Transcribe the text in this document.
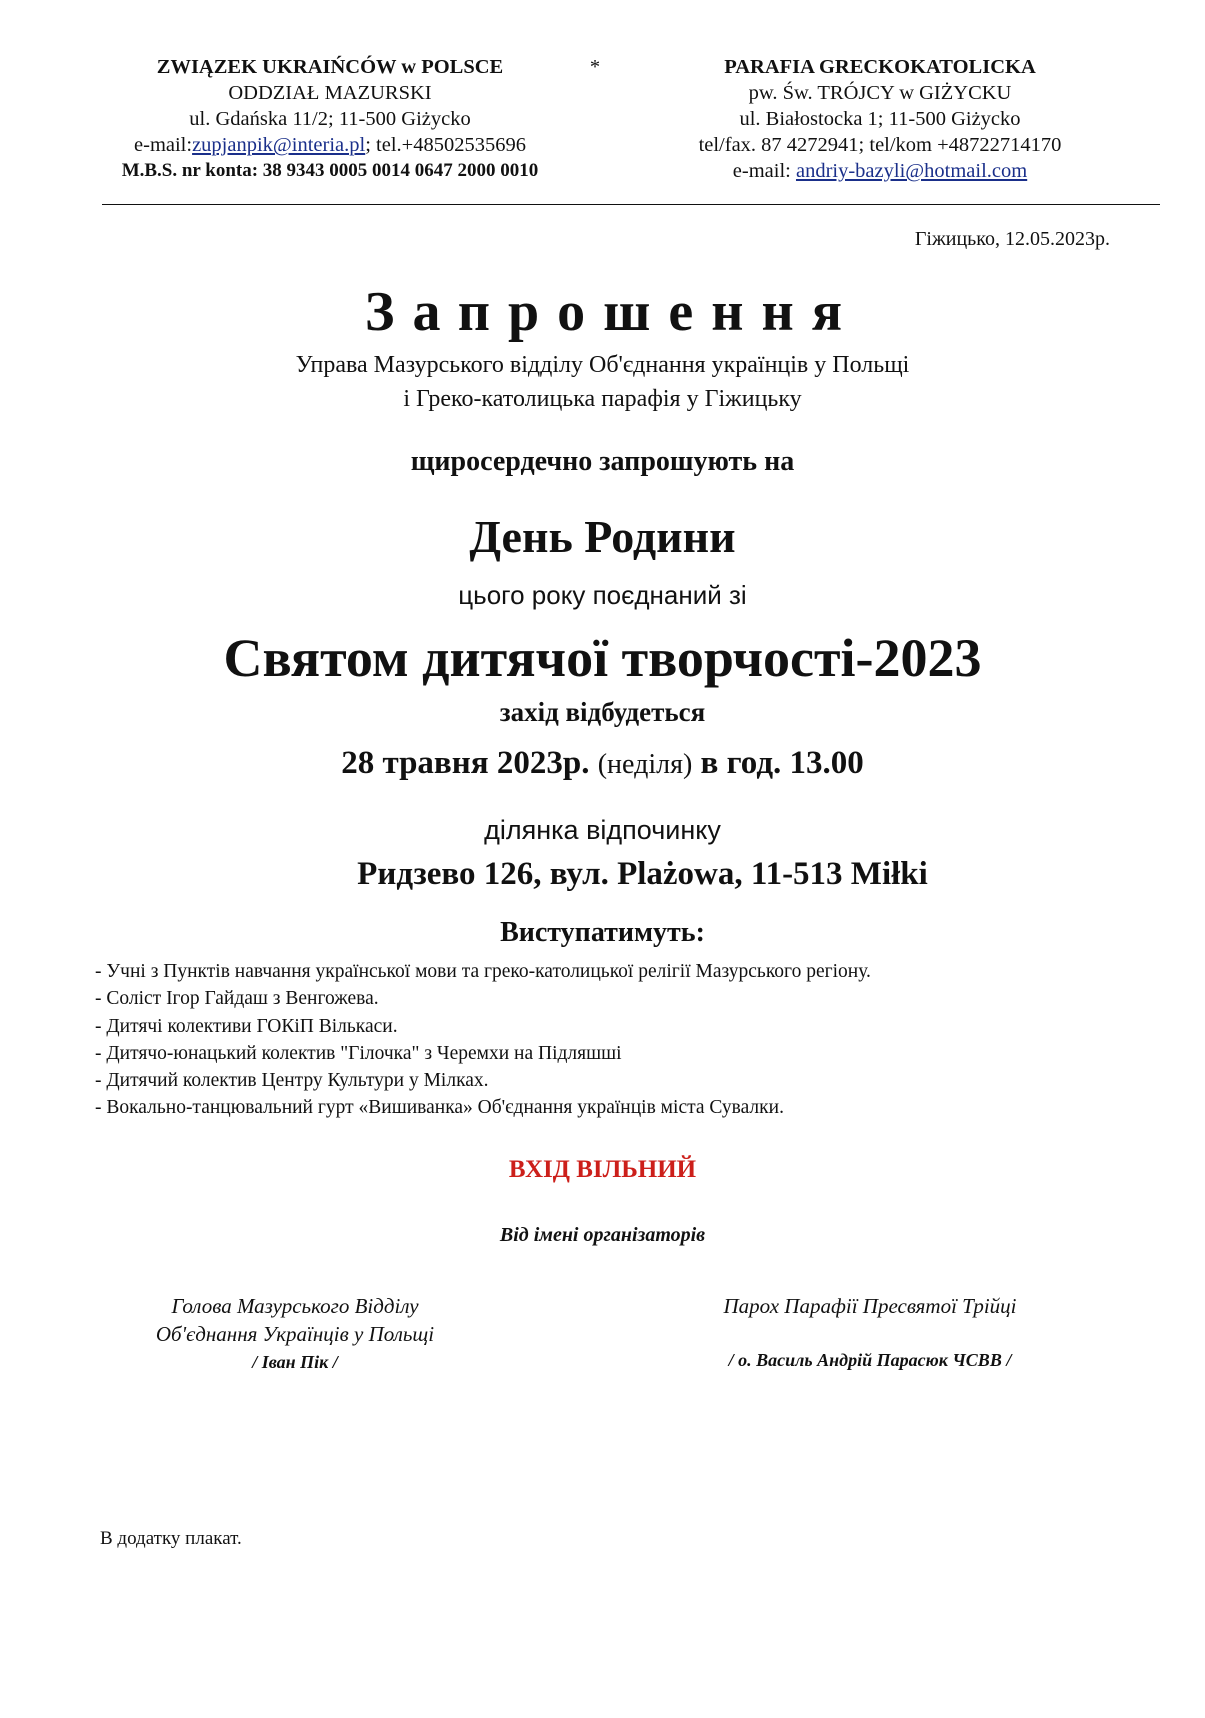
ZWIĄZEK UKRAIŃCÓW w POLSCE
ODDZIAŁ MAZURSKI
ul. Gdańska 11/2; 11-500 Giżycko
e-mail:zupjanpik@interia.pl; tel.+48502535696
M.B.S. nr konta: 38 9343 0005 0014 0647 2000 0010
*	PARAFIA GRECKOKATOLICKA
pw. Św. TRÓJCY w GIŻYCKU
ul. Białostocka 1; 11-500 Giżycko
tel/fax. 87 4272941; tel/kom +48722714170
e-mail: andriy-bazyli@hotmail.com
Гіжицько, 12.05.2023р.
Запрошення
Управа Мазурського відділу Об'єднання українців у Польщі
і Греко-католицька парафія у Гіжицьку
щиросердечно запрошують на
День Родини
цього року поєднаний зі
Святом дитячої творчості-2023
захід відбудеться
28 травня 2023р. (неділя) в год. 13.00
ділянка відпочинку
Ридзево 126, вул. Plażowa, 11-513 Miłki
Виступатимуть:
- Учні з Пунктів навчання української мови та греко-католицької релігії Мазурського регіону.
- Соліст Ігор Гайдаш з Венгожева.
- Дитячі колективи ГОКіП Вількаси.
- Дитячо-юнацький колектив "Гілочка" з Черемхи на Підляшші
- Дитячий колектив Центру Культури у Мілках.
- Вокально-танцювальний гурт «Вишиванка» Об'єднання українців міста Сувалки.
ВХІД ВІЛЬНИЙ
Від імені організаторів
Голова Мазурського Відділу
Об'єднання Українців у Польщі
/ Іван Пік /
Парох Парафії Пресвятої Трійці
/ о. Василь Андрій Парасюк ЧСВВ /
В додатку плакат.
